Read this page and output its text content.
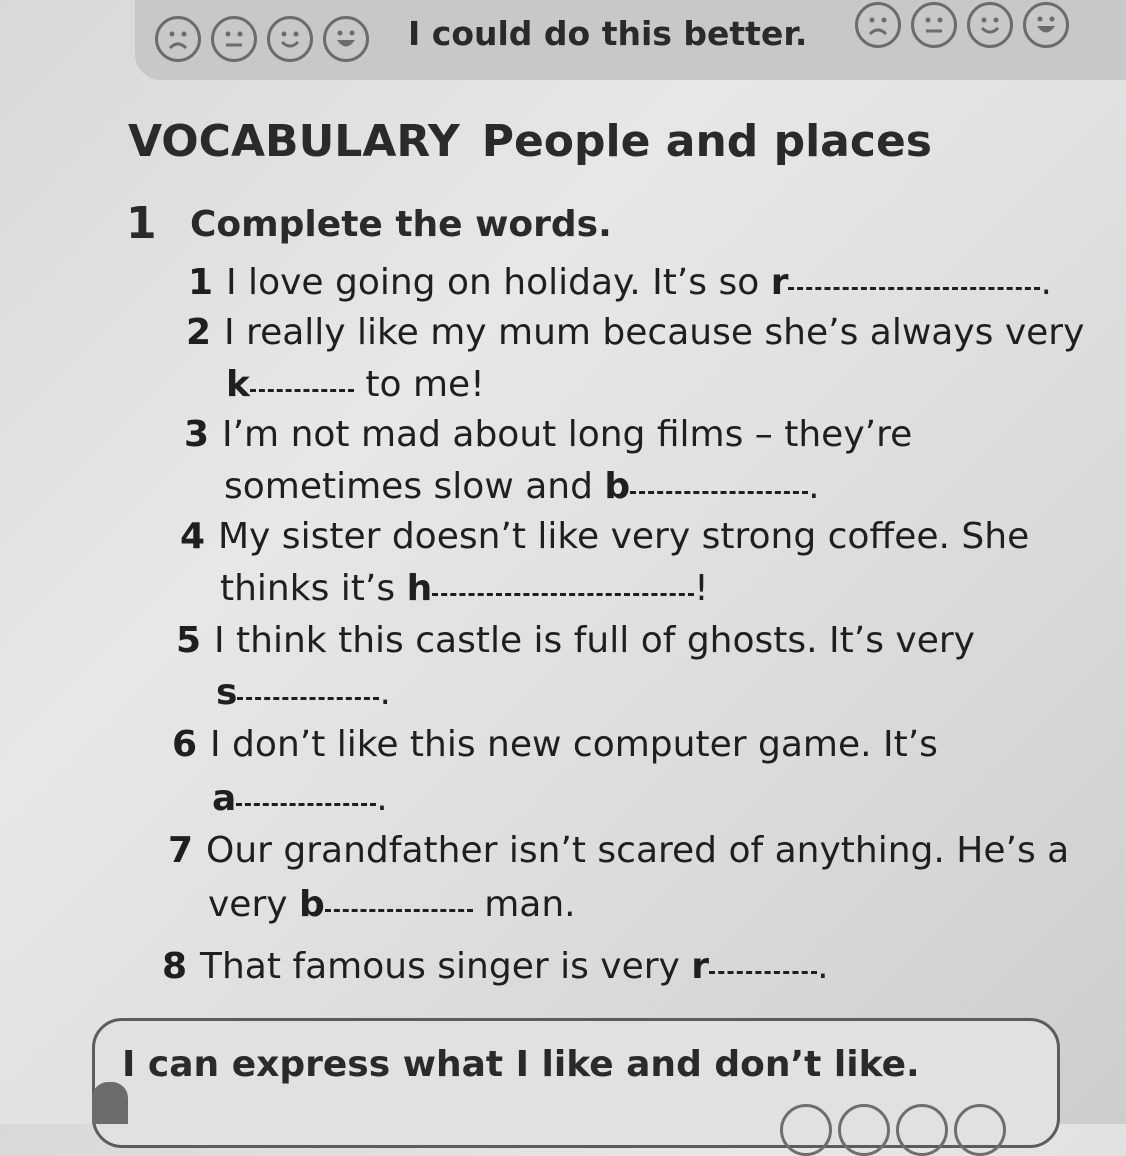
I could do this better.
VOCABULARY People and places
1 Complete the words.
1 I love going on holiday. It’s so r	.
2 I really like my mum because she’s always very
k	to me!
3 I’m not mad about long films – they’re
sometimes slow and b	.
4 My sister doesn’t like very strong coffee. She
thinks it’s h	!
5 I think this castle is full of ghosts. It’s very
s	.
6 I don’t like this new computer game. It’s
a	.
7 Our grandfather isn’t scared of anything. He’s a
very b	man.
8 That famous singer is very r	.
I can express what I like and don’t like.
